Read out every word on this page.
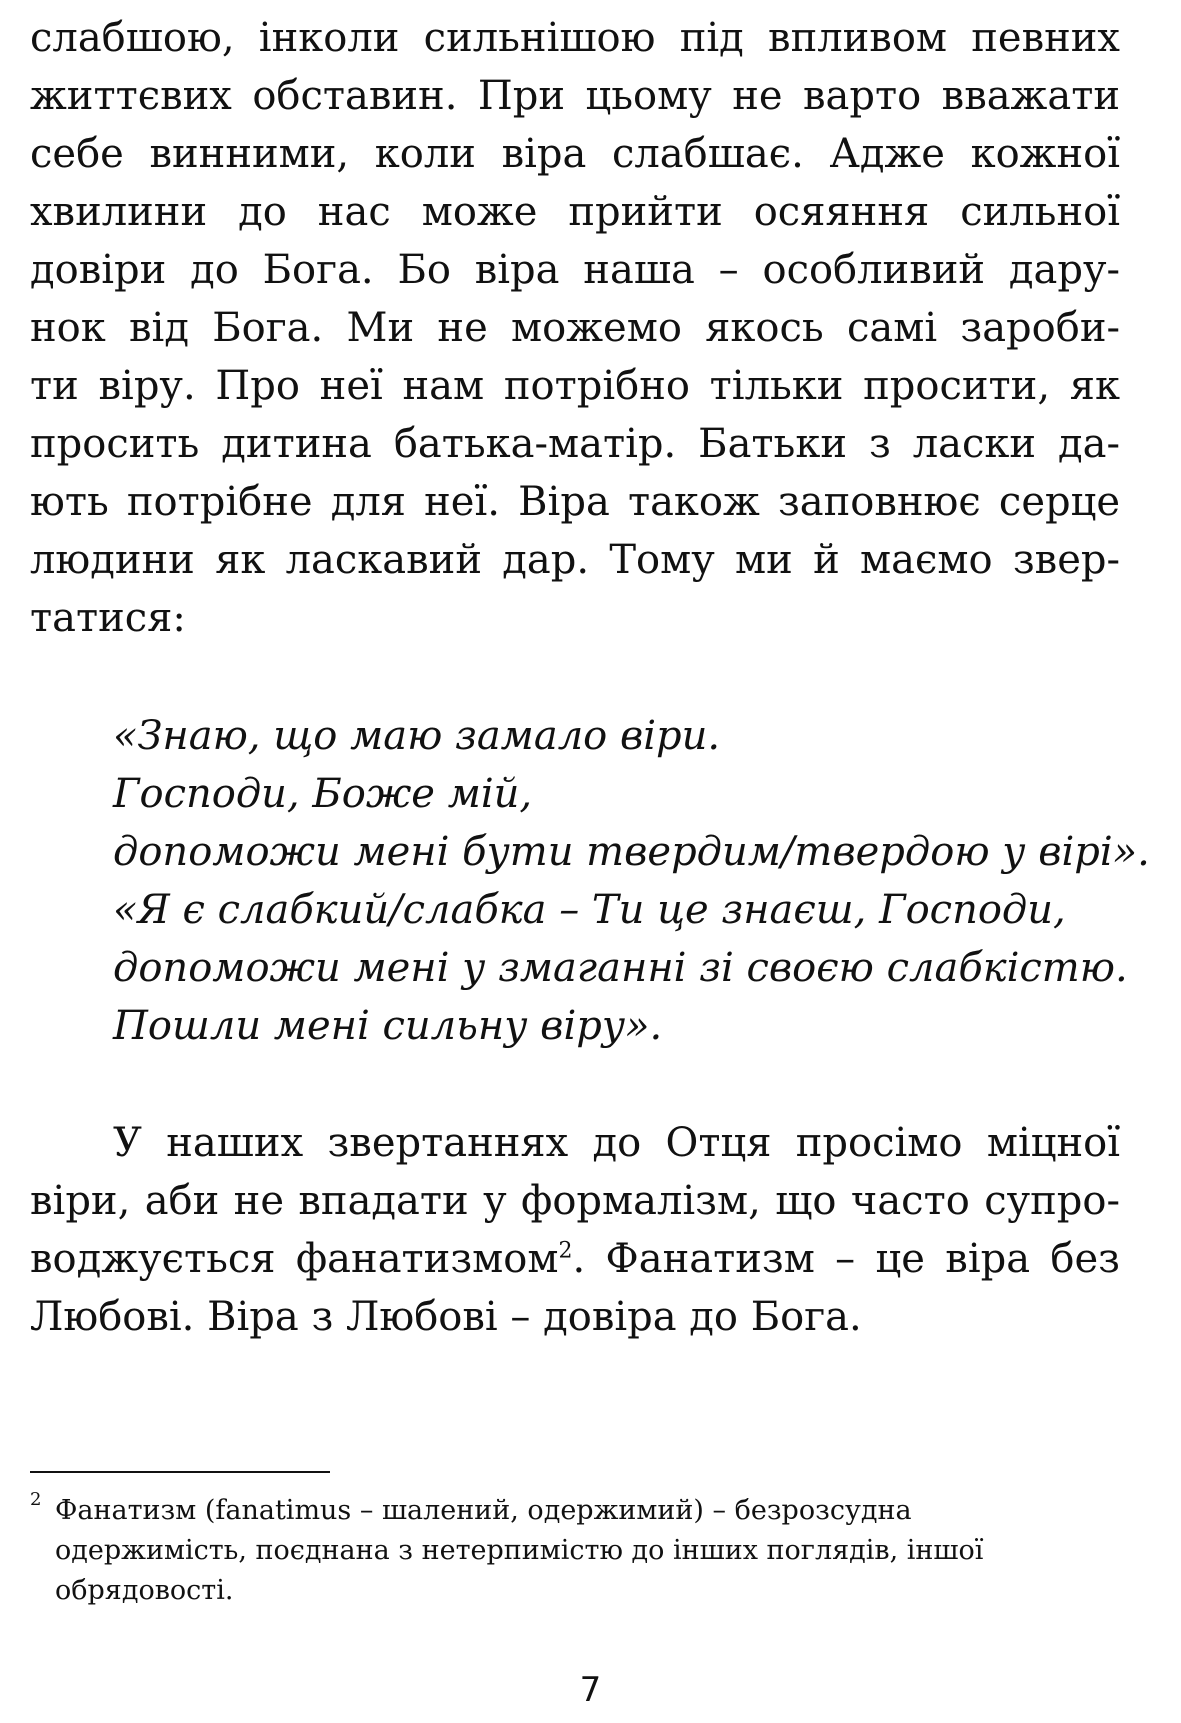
слабшою, інколи сильнішою під впливом певних
життєвих обставин. При цьому не варто вважати
себе винними, коли віра слабшає. Адже кожної
хвилини до нас може прийти осяяння сильної
довіри до Бога. Бо віра наша – особливий дару-
нок від Бога. Ми не можемо якось самі зароби-
ти віру. Про неї нам потрібно тільки просити, як
просить дитина батька-матір. Батьки з ласки да-
ють потрібне для неї. Віра також заповнює серце
людини як ласкавий дар. Тому ми й маємо звер-
татися:
«Знаю, що маю замало віри.
Господи, Боже мій,
допоможи мені бути твердим/твердою у вірі».
«Я є слабкий/слабка – Ти це знаєш, Господи,
допоможи мені у змаганні зі своєю слабкістю.
Пошли мені сильну віру».
У наших звертаннях до Отця просімо міцної
віри, аби не впадати у формалізм, що часто супро-
воджується фанатизмом$^2$. Фанатизм – це віра без
Любові. Віра з Любові – довіра до Бога.
2 Фанатизм (fanatimus – шалений, одержимий) – безрозсудна
одержимість, поєднана з нетерпимістю до інших поглядів, іншої
обрядовості.
7
